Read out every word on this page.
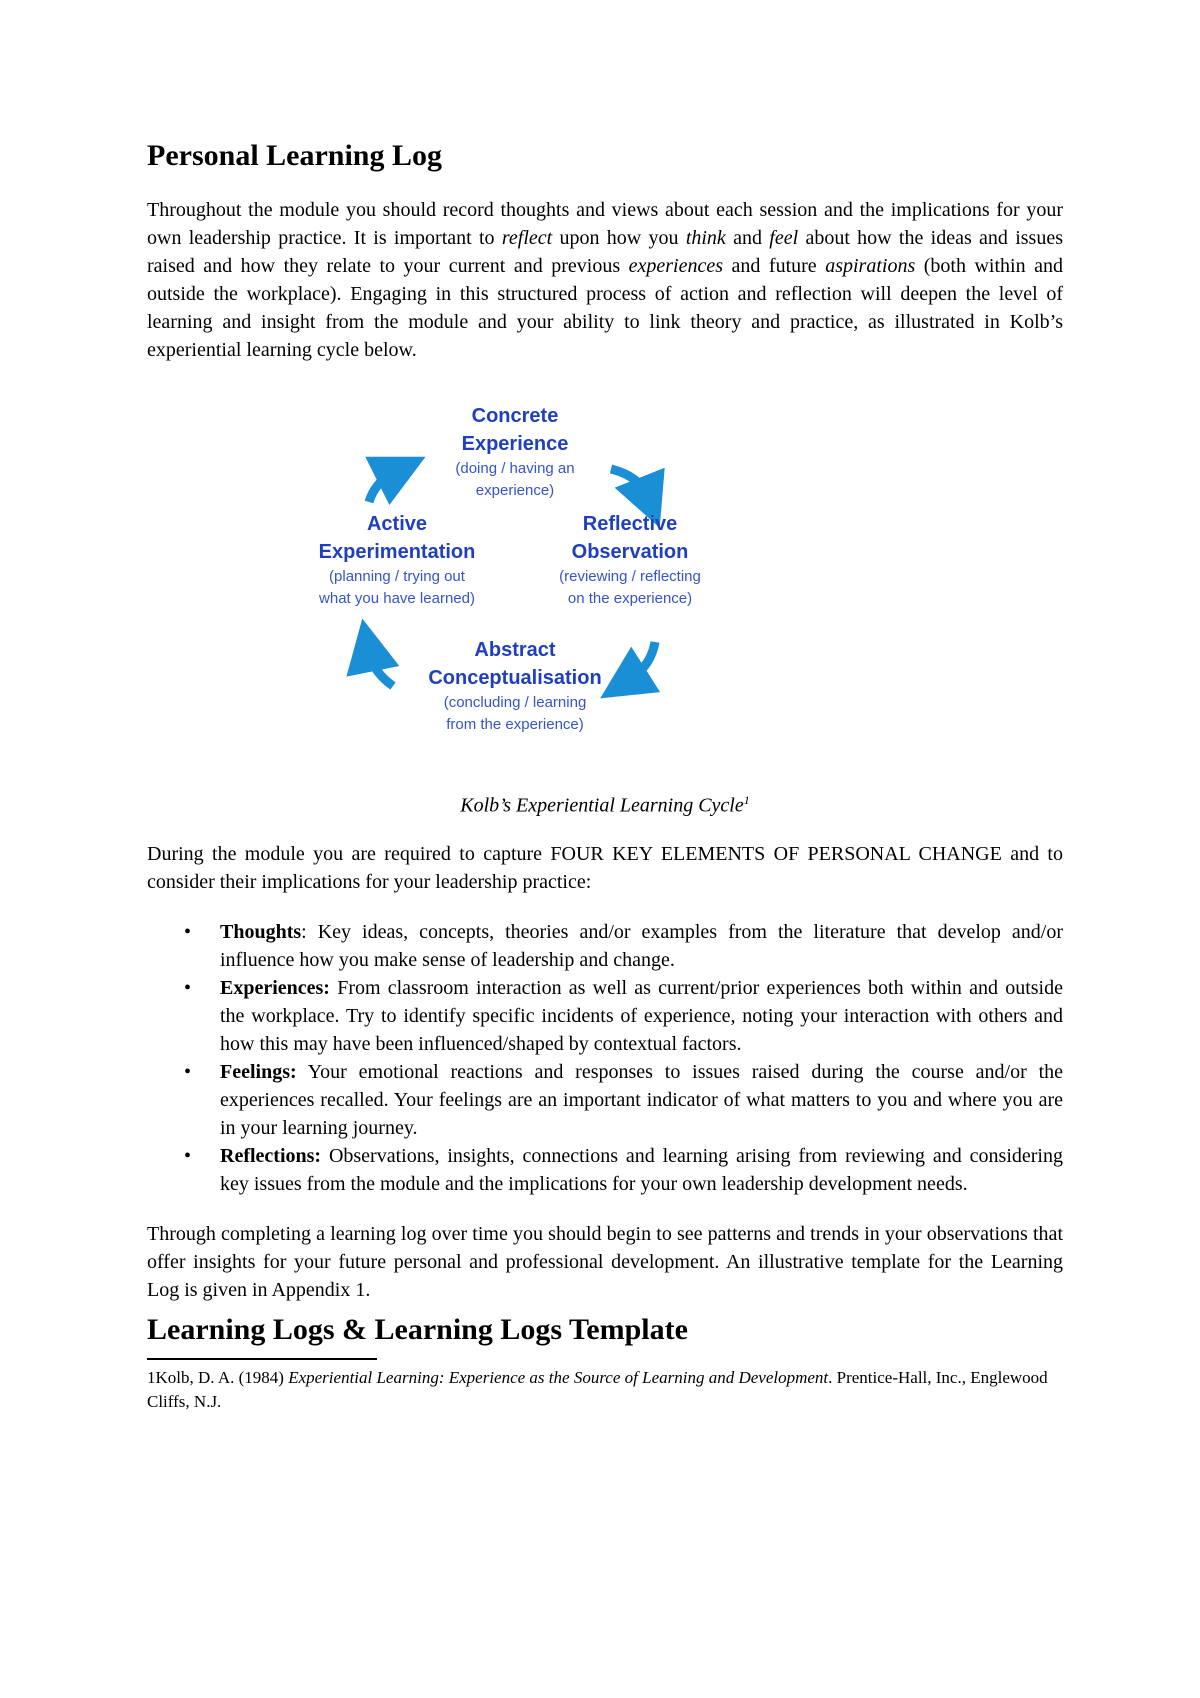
Personal Learning Log

Throughout the module you should record thoughts and views about each session and the implications for your own leadership practice. It is important to reflect upon how you think and feel about how the ideas and issues raised and how they relate to your current and previous experiences and future aspirations (both within and outside the workplace). Engaging in this structured process of action and reflection will deepen the level of learning and insight from the module and your ability to link theory and practice, as illustrated in Kolb’s experiential learning cycle below.

Concrete
Experience
(doing / having an
experience)
Reflective
Observation
(reviewing / reflecting
on the experience)
Abstract
Conceptualisation
(concluding / learning
from the experience)
Active
Experimentation
(planning / trying out
what you have learned)

Kolb’s Experiential Learning Cycle$^1$

During the module you are required to capture FOUR KEY ELEMENTS OF PERSONAL CHANGE and to consider their implications for your leadership practice:

• Thoughts: Key ideas, concepts, theories and/or examples from the literature that develop and/or influence how you make sense of leadership and change.
• Experiences: From classroom interaction as well as current/prior experiences both within and outside the workplace. Try to identify specific incidents of experience, noting your interaction with others and how this may have been influenced/shaped by contextual factors.
• Feelings: Your emotional reactions and responses to issues raised during the course and/or the experiences recalled. Your feelings are an important indicator of what matters to you and where you are in your learning journey.
• Reflections: Observations, insights, connections and learning arising from reviewing and considering key issues from the module and the implications for your own leadership development needs.

Through completing a learning log over time you should begin to see patterns and trends in your observations that offer insights for your future personal and professional development. An illustrative template for the Learning Log is given in Appendix 1.

Learning Logs & Learning Logs Template

1Kolb, D. A. (1984) Experiential Learning: Experience as the Source of Learning and Development. Prentice-Hall, Inc., Englewood Cliffs, N.J.
